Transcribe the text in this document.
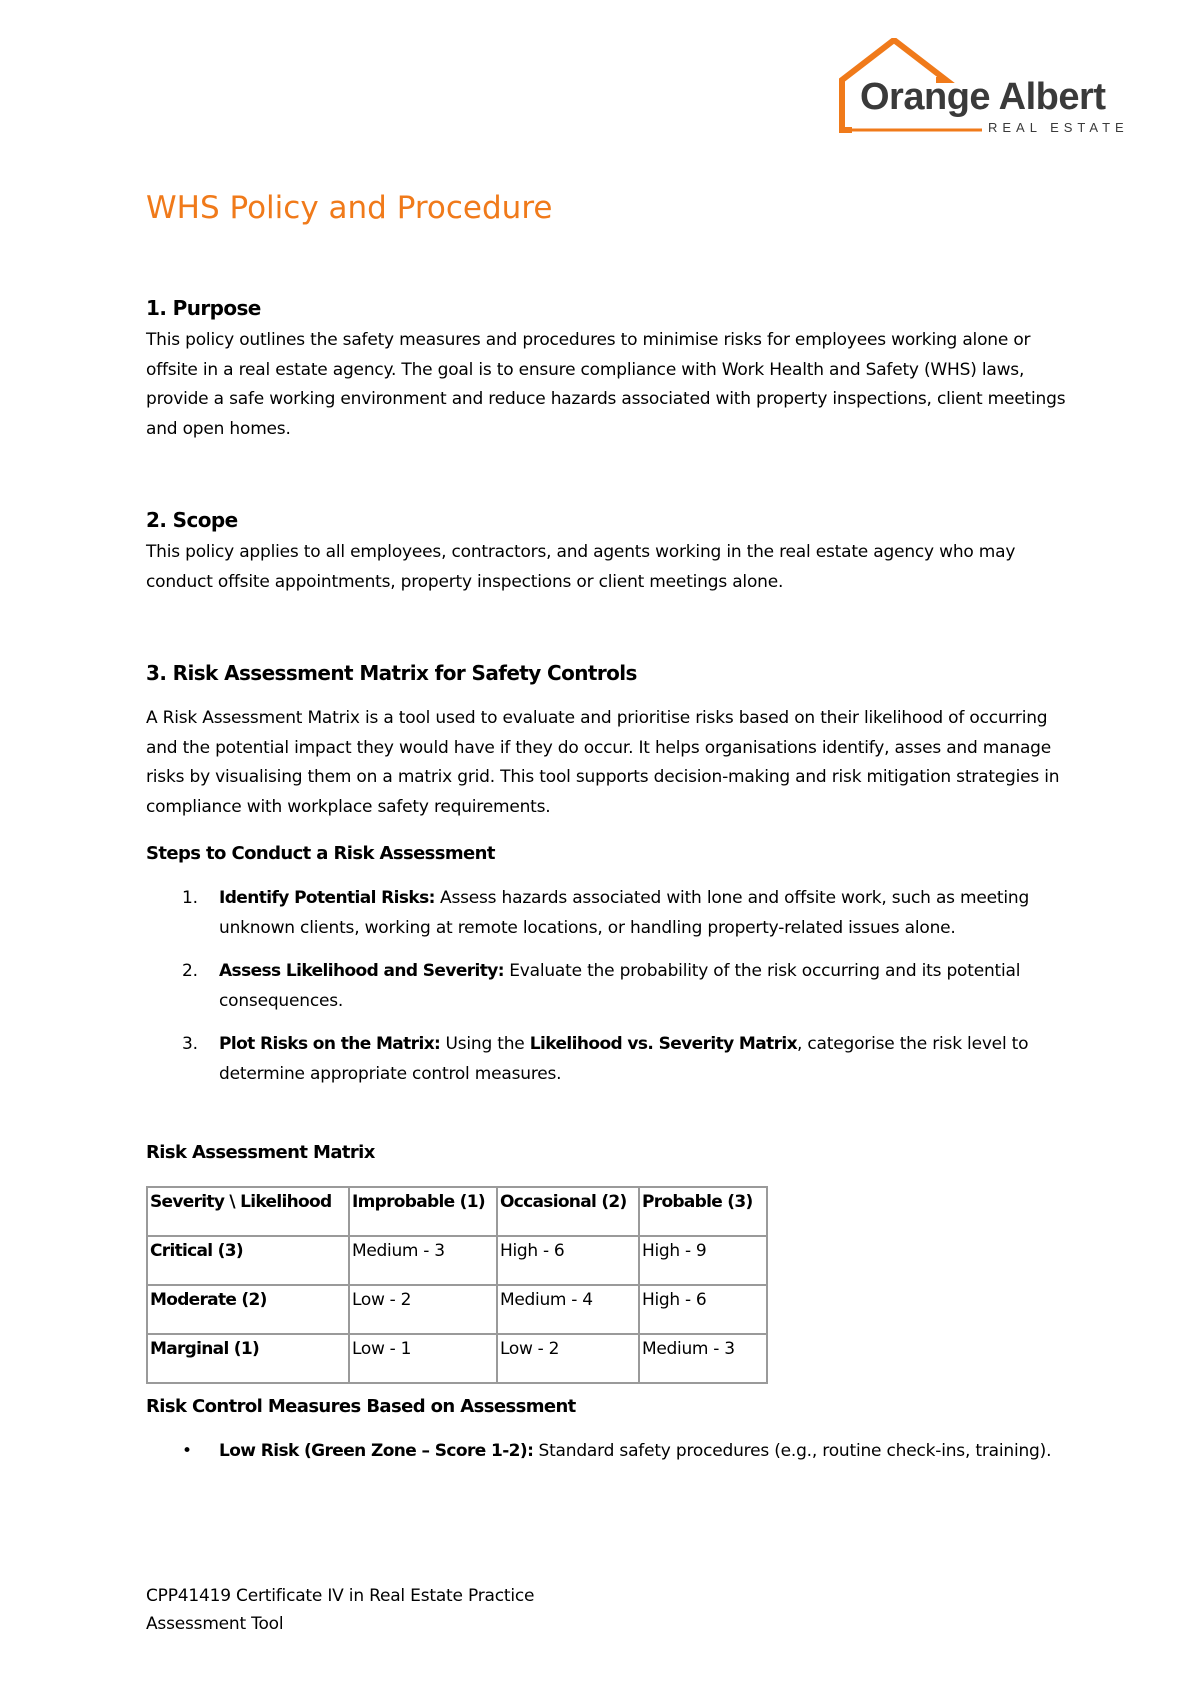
Orange Albert
REAL ESTATE
WHS Policy and Procedure
1. Purpose
This policy outlines the safety measures and procedures to minimise risks for employees working alone or offsite in a real estate agency. The goal is to ensure compliance with Work Health and Safety (WHS) laws, provide a safe working environment and reduce hazards associated with property inspections, client meetings and open homes.
2. Scope
This policy applies to all employees, contractors, and agents working in the real estate agency who may conduct offsite appointments, property inspections or client meetings alone.
3. Risk Assessment Matrix for Safety Controls
A Risk Assessment Matrix is a tool used to evaluate and prioritise risks based on their likelihood of occurring and the potential impact they would have if they do occur. It helps organisations identify, asses and manage risks by visualising them on a matrix grid. This tool supports decision-making and risk mitigation strategies in compliance with workplace safety requirements.
Steps to Conduct a Risk Assessment
1. Identify Potential Risks: Assess hazards associated with lone and offsite work, such as meeting unknown clients, working at remote locations, or handling property-related issues alone.
2. Assess Likelihood and Severity: Evaluate the probability of the risk occurring and its potential consequences.
3. Plot Risks on the Matrix: Using the Likelihood vs. Severity Matrix, categorise the risk level to determine appropriate control measures.
Risk Assessment Matrix
Severity \ Likelihood	Improbable (1)	Occasional (2)	Probable (3)
Critical (3)	Medium - 3	High - 6	High - 9
Moderate (2)	Low - 2	Medium - 4	High - 6
Marginal (1)	Low - 1	Low - 2	Medium - 3
Risk Control Measures Based on Assessment
• Low Risk (Green Zone – Score 1-2): Standard safety procedures (e.g., routine check-ins, training).
CPP41419 Certificate IV in Real Estate Practice
Assessment Tool
